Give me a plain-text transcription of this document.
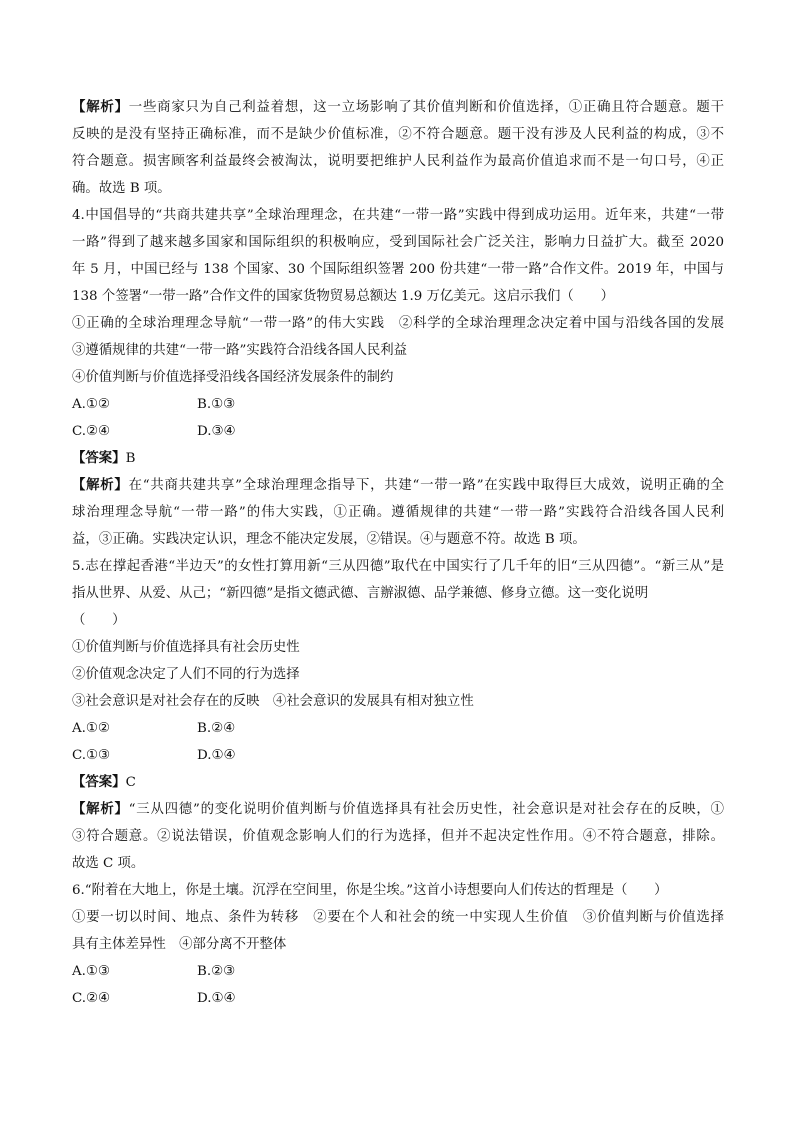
【解析】一些商家只为自己利益着想，这一立场影响了其价值判断和价值选择，①正确且符合题意。题干
反映的是没有坚持正确标准，而不是缺少价值标准，②不符合题意。题干没有涉及人民利益的构成，③不
符合题意。损害顾客利益最终会被淘汰，说明要把维护人民利益作为最高价值追求而不是一句口号，④正
确。故选 B 项。
4.中国倡导的“共商共建共享”全球治理理念，在共建“一带一路”实践中得到成功运用。近年来，共建“一带
一路”得到了越来越多国家和国际组织的积极响应，受到国际社会广泛关注，影响力日益扩大。截至 2020
年 5 月，中国已经与 138 个国家、30 个国际组织签署 200 份共建“一带一路”合作文件。2019 年，中国与
138 个签署“一带一路”合作文件的国家货物贸易总额达 1.9 万亿美元。这启示我们（　　）
①正确的全球治理理念导航“一带一路”的伟大实践　②科学的全球治理理念决定着中国与沿线各国的发展
③遵循规律的共建“一带一路”实践符合沿线各国人民利益
④价值判断与价值选择受沿线各国经济发展条件的制约
A.①②	B.①③
C.②④	D.③④
【答案】B
【解析】在“共商共建共享”全球治理理念指导下，共建“一带一路”在实践中取得巨大成效，说明正确的全
球治理理念导航“一带一路”的伟大实践，①正确。遵循规律的共建“一带一路”实践符合沿线各国人民利
益，③正确。实践决定认识，理念不能决定发展，②错误。④与题意不符。故选 B 项。
5.志在撑起香港“半边天”的女性打算用新“三从四德”取代在中国实行了几千年的旧“三从四德”。“新三从”是
指从世界、从爱、从己；“新四德”是指文德武德、言辦淑德、品学兼德、修身立德。这一变化说明
（　　）
①价值判断与价值选择具有社会历史性
②价值观念决定了人们不同的行为选择
③社会意识是对社会存在的反映　④社会意识的发展具有相对独立性
A.①②	B.②④
C.①③	D.①④
【答案】C
【解析】“三从四德”的变化说明价值判断与价值选择具有社会历史性，社会意识是对社会存在的反映，①
③符合题意。②说法错误，价值观念影响人们的行为选择，但并不起决定性作用。④不符合题意，排除。
故选 C 项。
6.“附着在大地上，你是土壤。沉浮在空间里，你是尘埃。”这首小诗想要向人们传达的哲理是（　　）
①要一切以时间、地点、条件为转移　②要在个人和社会的统一中实现人生价值　③价值判断与价值选择
具有主体差异性　④部分离不开整体
A.①③	B.②③
C.②④	D.①④
